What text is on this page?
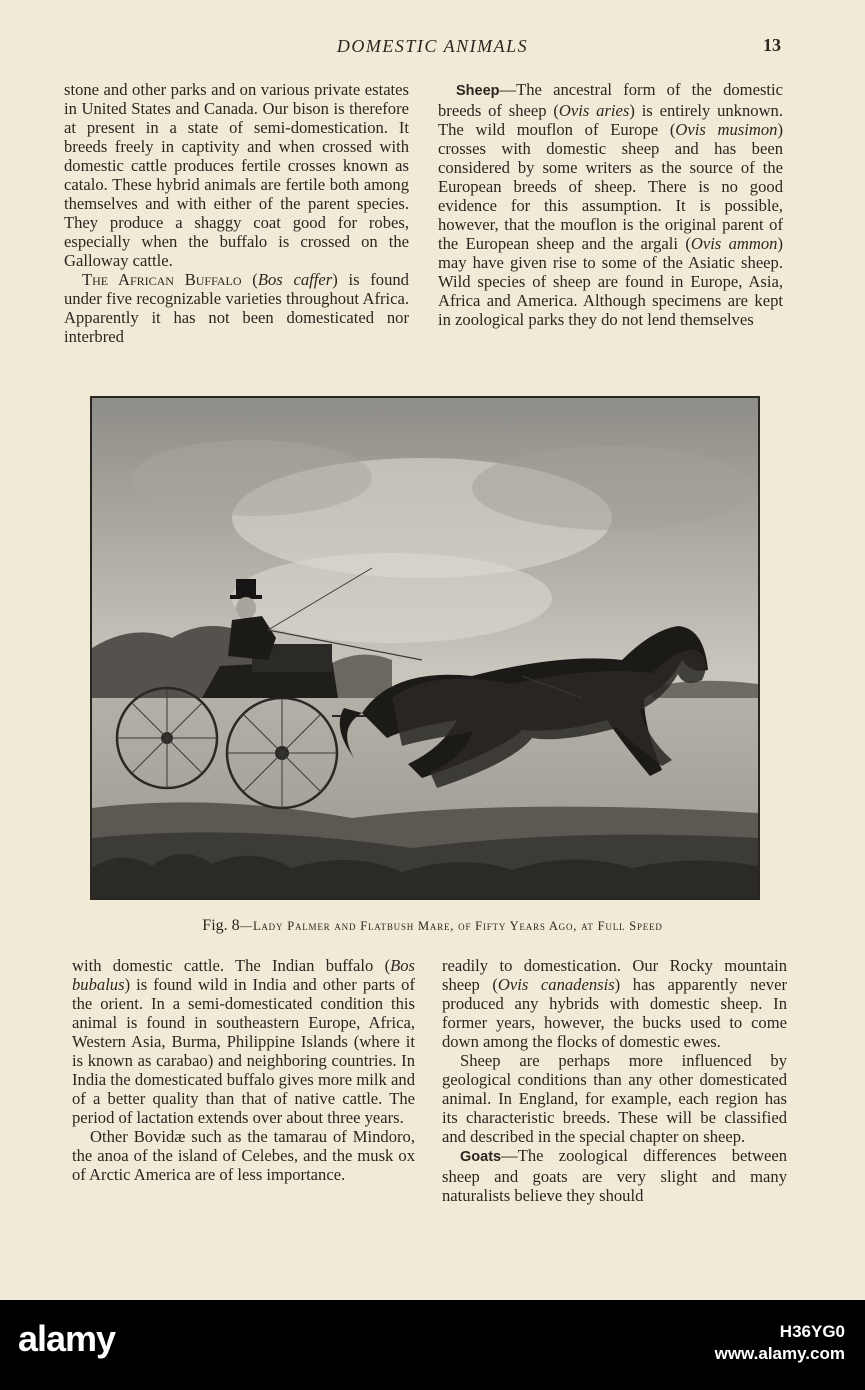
DOMESTIC ANIMALS	13

stone and other parks and on various private estates in United States and Canada. Our bison is therefore at present in a state of semi-domestication. It breeds freely in captivity and when crossed with domestic cattle produces fertile crosses known as catalo. These hybrid animals are fertile both among themselves and with either of the parent species. They produce a shaggy coat good for robes, especially when the buffalo is crossed on the Galloway cattle.

The African Buffalo (Bos caffer) is found under five recognizable varieties throughout Africa. Apparently it has not been domesticated nor interbred

Sheep—The ancestral form of the domestic breeds of sheep (Ovis aries) is entirely unknown. The wild mouflon of Europe (Ovis musimon) crosses with domestic sheep and has been considered by some writers as the source of the European breeds of sheep. There is no good evidence for this assumption. It is possible, however, that the mouflon is the original parent of the European sheep and the argali (Ovis ammon) may have given rise to some of the Asiatic sheep. Wild species of sheep are found in Europe, Asia, Africa and America. Although specimens are kept in zoological parks they do not lend themselves

Fig. 8—Lady Palmer and Flatbush Mare, of Fifty Years Ago, at Full Speed

with domestic cattle. The Indian buffalo (Bos bubalus) is found wild in India and other parts of the orient. In a semi-domesticated condition this animal is found in southeastern Europe, Africa, Western Asia, Burma, Philippine Islands (where it is known as carabao) and neighboring countries. In India the domesticated buffalo gives more milk and of a better quality than that of native cattle. The period of lactation extends over about three years.

Other Bovidæ such as the tamarau of Mindoro, the anoa of the island of Celebes, and the musk ox of Arctic America are of less importance.

readily to domestication. Our Rocky mountain sheep (Ovis canadensis) has apparently never produced any hybrids with domestic sheep. In former years, however, the bucks used to come down among the flocks of domestic ewes.

Sheep are perhaps more influenced by geological conditions than any other domesticated animal. In England, for example, each region has its characteristic breeds. These will be classified and described in the special chapter on sheep.

Goats—The zoological differences between sheep and goats are very slight and many naturalists believe they should

alamy	H36YG0
www.alamy.com
